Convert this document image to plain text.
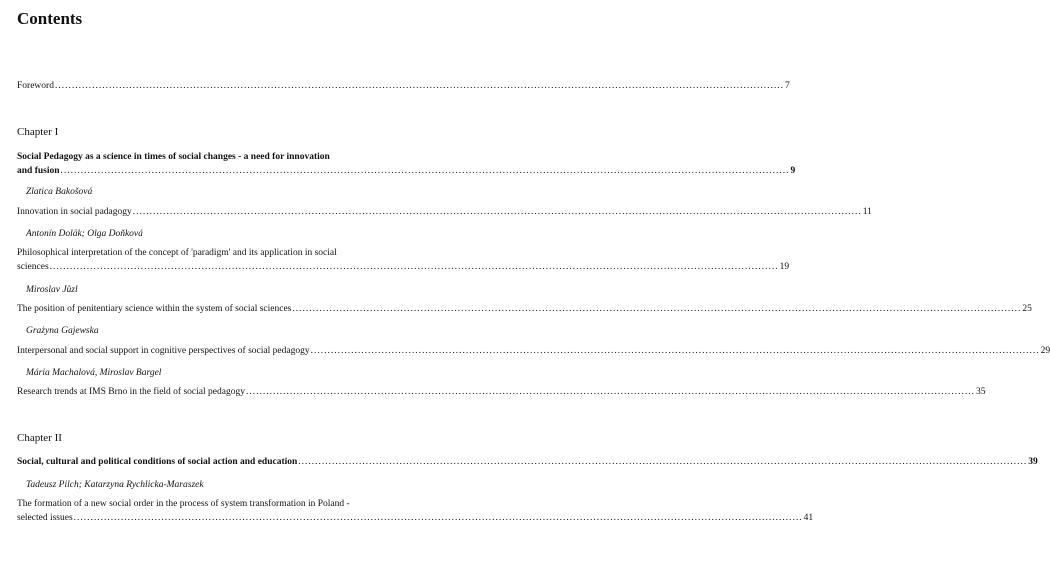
Contents
Foreword .....	7
Chapter I
Social Pedagogy as a science in times of social changes - a need for innovation
and fusion .....	9
Zlatica Bakošová
Innovation in social padagogy .....	11
Antonín Doläk; Olga Doňková
Philosophical interpretation of the concept of 'paradigm' and its application in social
sciences .....	19
Miroslav Jůzl
The position of penitentiary science within the system of social sciences .....	25
Grażyna Gajewska
Interpersonal and social support in cognitive perspectives of social pedagogy .....	29
Mária Machalová, Miroslav Bargel
Research trends at IMS Brno in the field of social pedagogy .....	35
Chapter II
Social, cultural and political conditions of social action and education .....	39
Tadeusz Pilch; Katarzyna Rychlicka-Maraszek
The formation of a new social order in the process of system transformation in Poland -
selected issues .....	41
